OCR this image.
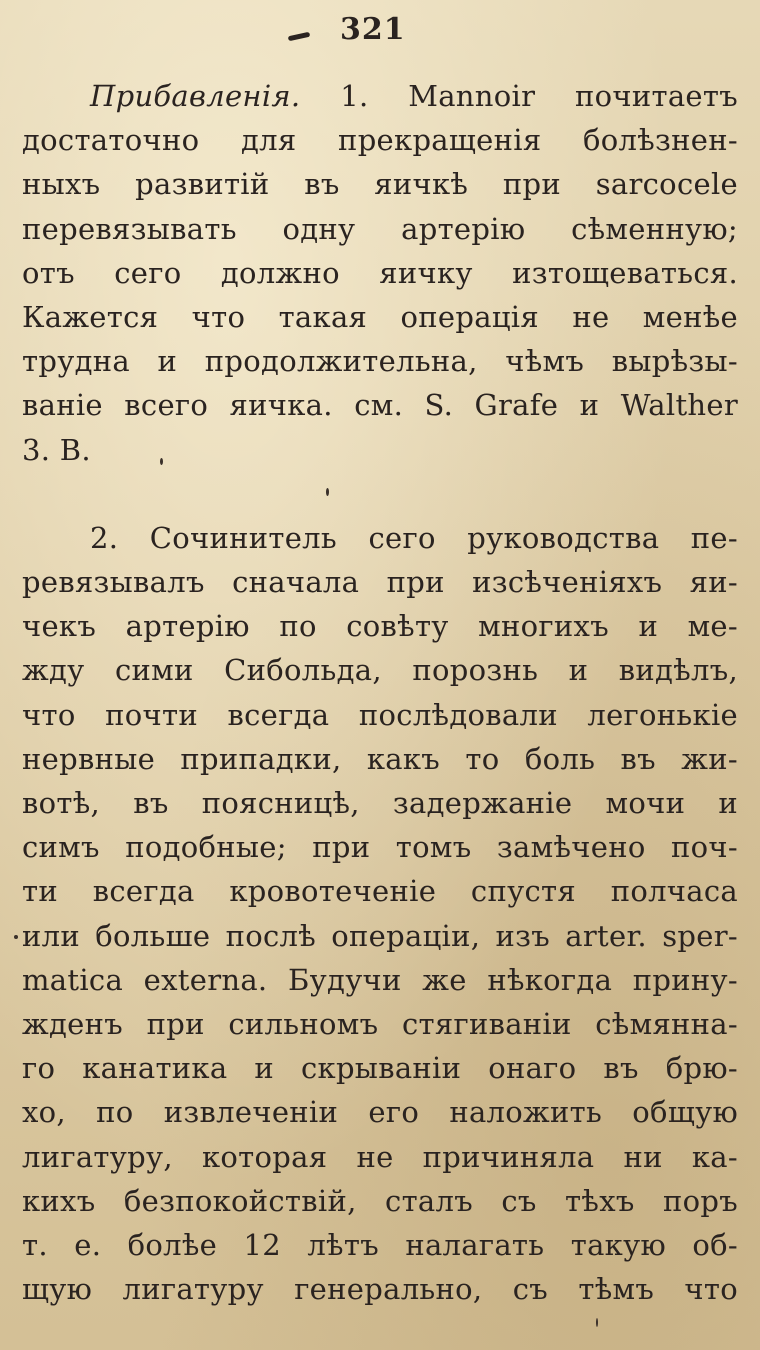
321
Прибавленія. 1. Mannoir почитаетъ
достаточно для прекращенія болѣзнен-
ныхъ развитій въ яичкѣ при sarcocele
перевязывать одну артерію сѣменную;
отъ сего должно яичку изтощеваться.
Кажется что такая операція не менѣе
трудна и продолжительна, чѣмъ вырѣзы-
ваніе всего яичка. см. S. Grafe и Walther
3. B.
2. Сочинитель сего руководства пе-
ревязывалъ сначала при изсѣченіяхъ яи-
чекъ артерію по совѣту многихъ и ме-
жду сими Сибольда, порознь и видѣлъ,
что почти всегда послѣдовали легонькіе
нервные припадки, какъ то боль въ жи-
вотѣ, въ поясницѣ, задержаніе мочи и
симъ подобные; при томъ замѣчено поч-
ти всегда кровотеченіе спустя полчаса
или больше послѣ операціи, изъ arter. sper-
matica externa. Будучи же нѣкогда прину-
жденъ при сильномъ стягиваніи сѣмяннa-
го канатика и скрываніи онаго въ брю-
хо, по извлеченіи его наложить общую
лигатуру, которая не причиняла ни ка-
кихъ безпокойствій, сталъ съ тѣхъ поръ
т. е. болѣе 12 лѣтъ налагать такую об-
щую лигатуру генерально, съ тѣмъ что
